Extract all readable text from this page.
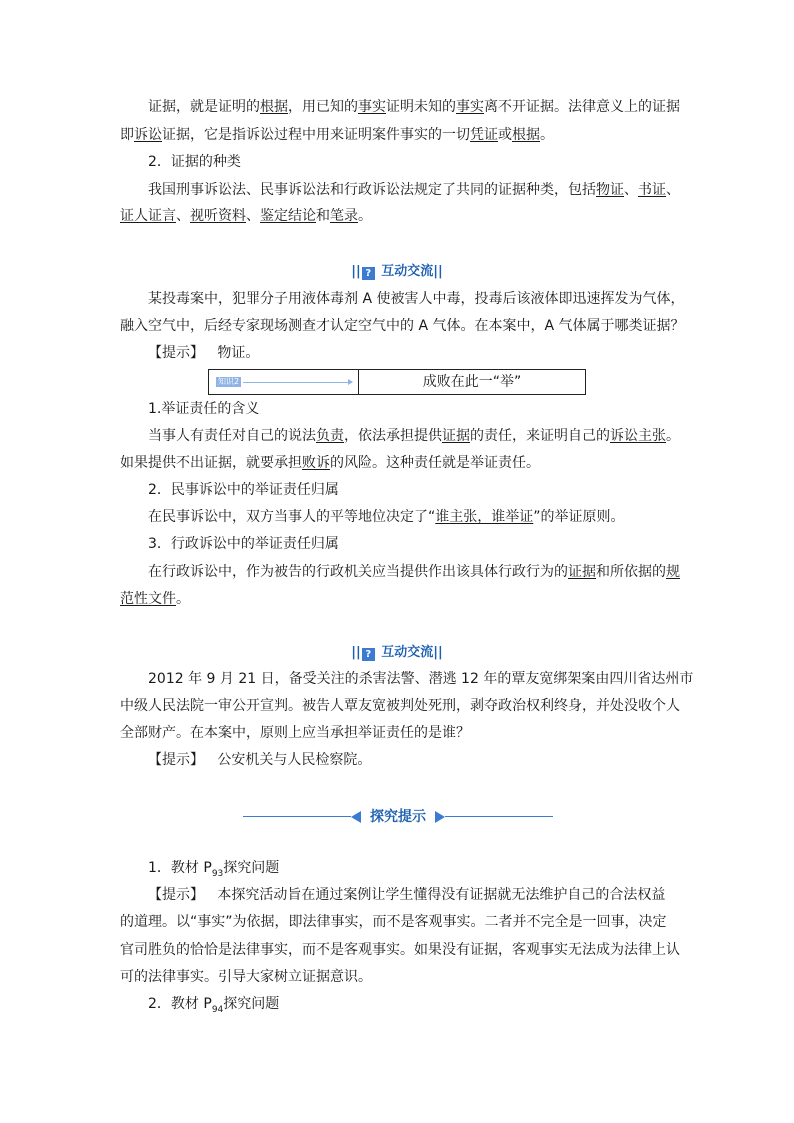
证据，就是证明的根据，用已知的事实证明未知的事实离不开证据。法律意义上的证据
即诉讼证据，它是指诉讼过程中用来证明案件事实的一切凭证或根据。
2．证据的种类
我国刑事诉讼法、民事诉讼法和行政诉讼法规定了共同的证据种类，包括物证、书证、
证人证言、视听资料、鉴定结论和笔录。
|| ? 互动交流||
某投毒案中，犯罪分子用液体毒剂 A 使被害人中毒，投毒后该液体即迅速挥发为气体，
融入空气中，后经专家现场测查才认定空气中的 A 气体。在本案中，A 气体属于哪类证据？
【提示】 物证。
知识2	成败在此一“举”
1.举证责任的含义
当事人有责任对自己的说法负责，依法承担提供证据的责任，来证明自己的诉讼主张。
如果提供不出证据，就要承担败诉的风险。这种责任就是举证责任。
2．民事诉讼中的举证责任归属
在民事诉讼中，双方当事人的平等地位决定了“谁主张，谁举证”的举证原则。
3．行政诉讼中的举证责任归属
在行政诉讼中，作为被告的行政机关应当提供作出该具体行政行为的证据和所依据的规
范性文件。
|| ? 互动交流||
2012 年 9 月 21 日，备受关注的杀害法警、潜逃 12 年的覃友宽绑架案由四川省达州市
中级人民法院一审公开宣判。被告人覃友宽被判处死刑，剥夺政治权利终身，并处没收个人
全部财产。在本案中，原则上应当承担举证责任的是谁？
【提示】 公安机关与人民检察院。
探究提示
1．教材 $P_{93}$探究问题
【提示】 本探究活动旨在通过案例让学生懂得没有证据就无法维护自己的合法权益
的道理。以“事实”为依据，即法律事实，而不是客观事实。二者并不完全是一回事，决定
官司胜负的恰恰是法律事实，而不是客观事实。如果没有证据，客观事实无法成为法律上认
可的法律事实。引导大家树立证据意识。
2．教材 $P_{94}$探究问题
